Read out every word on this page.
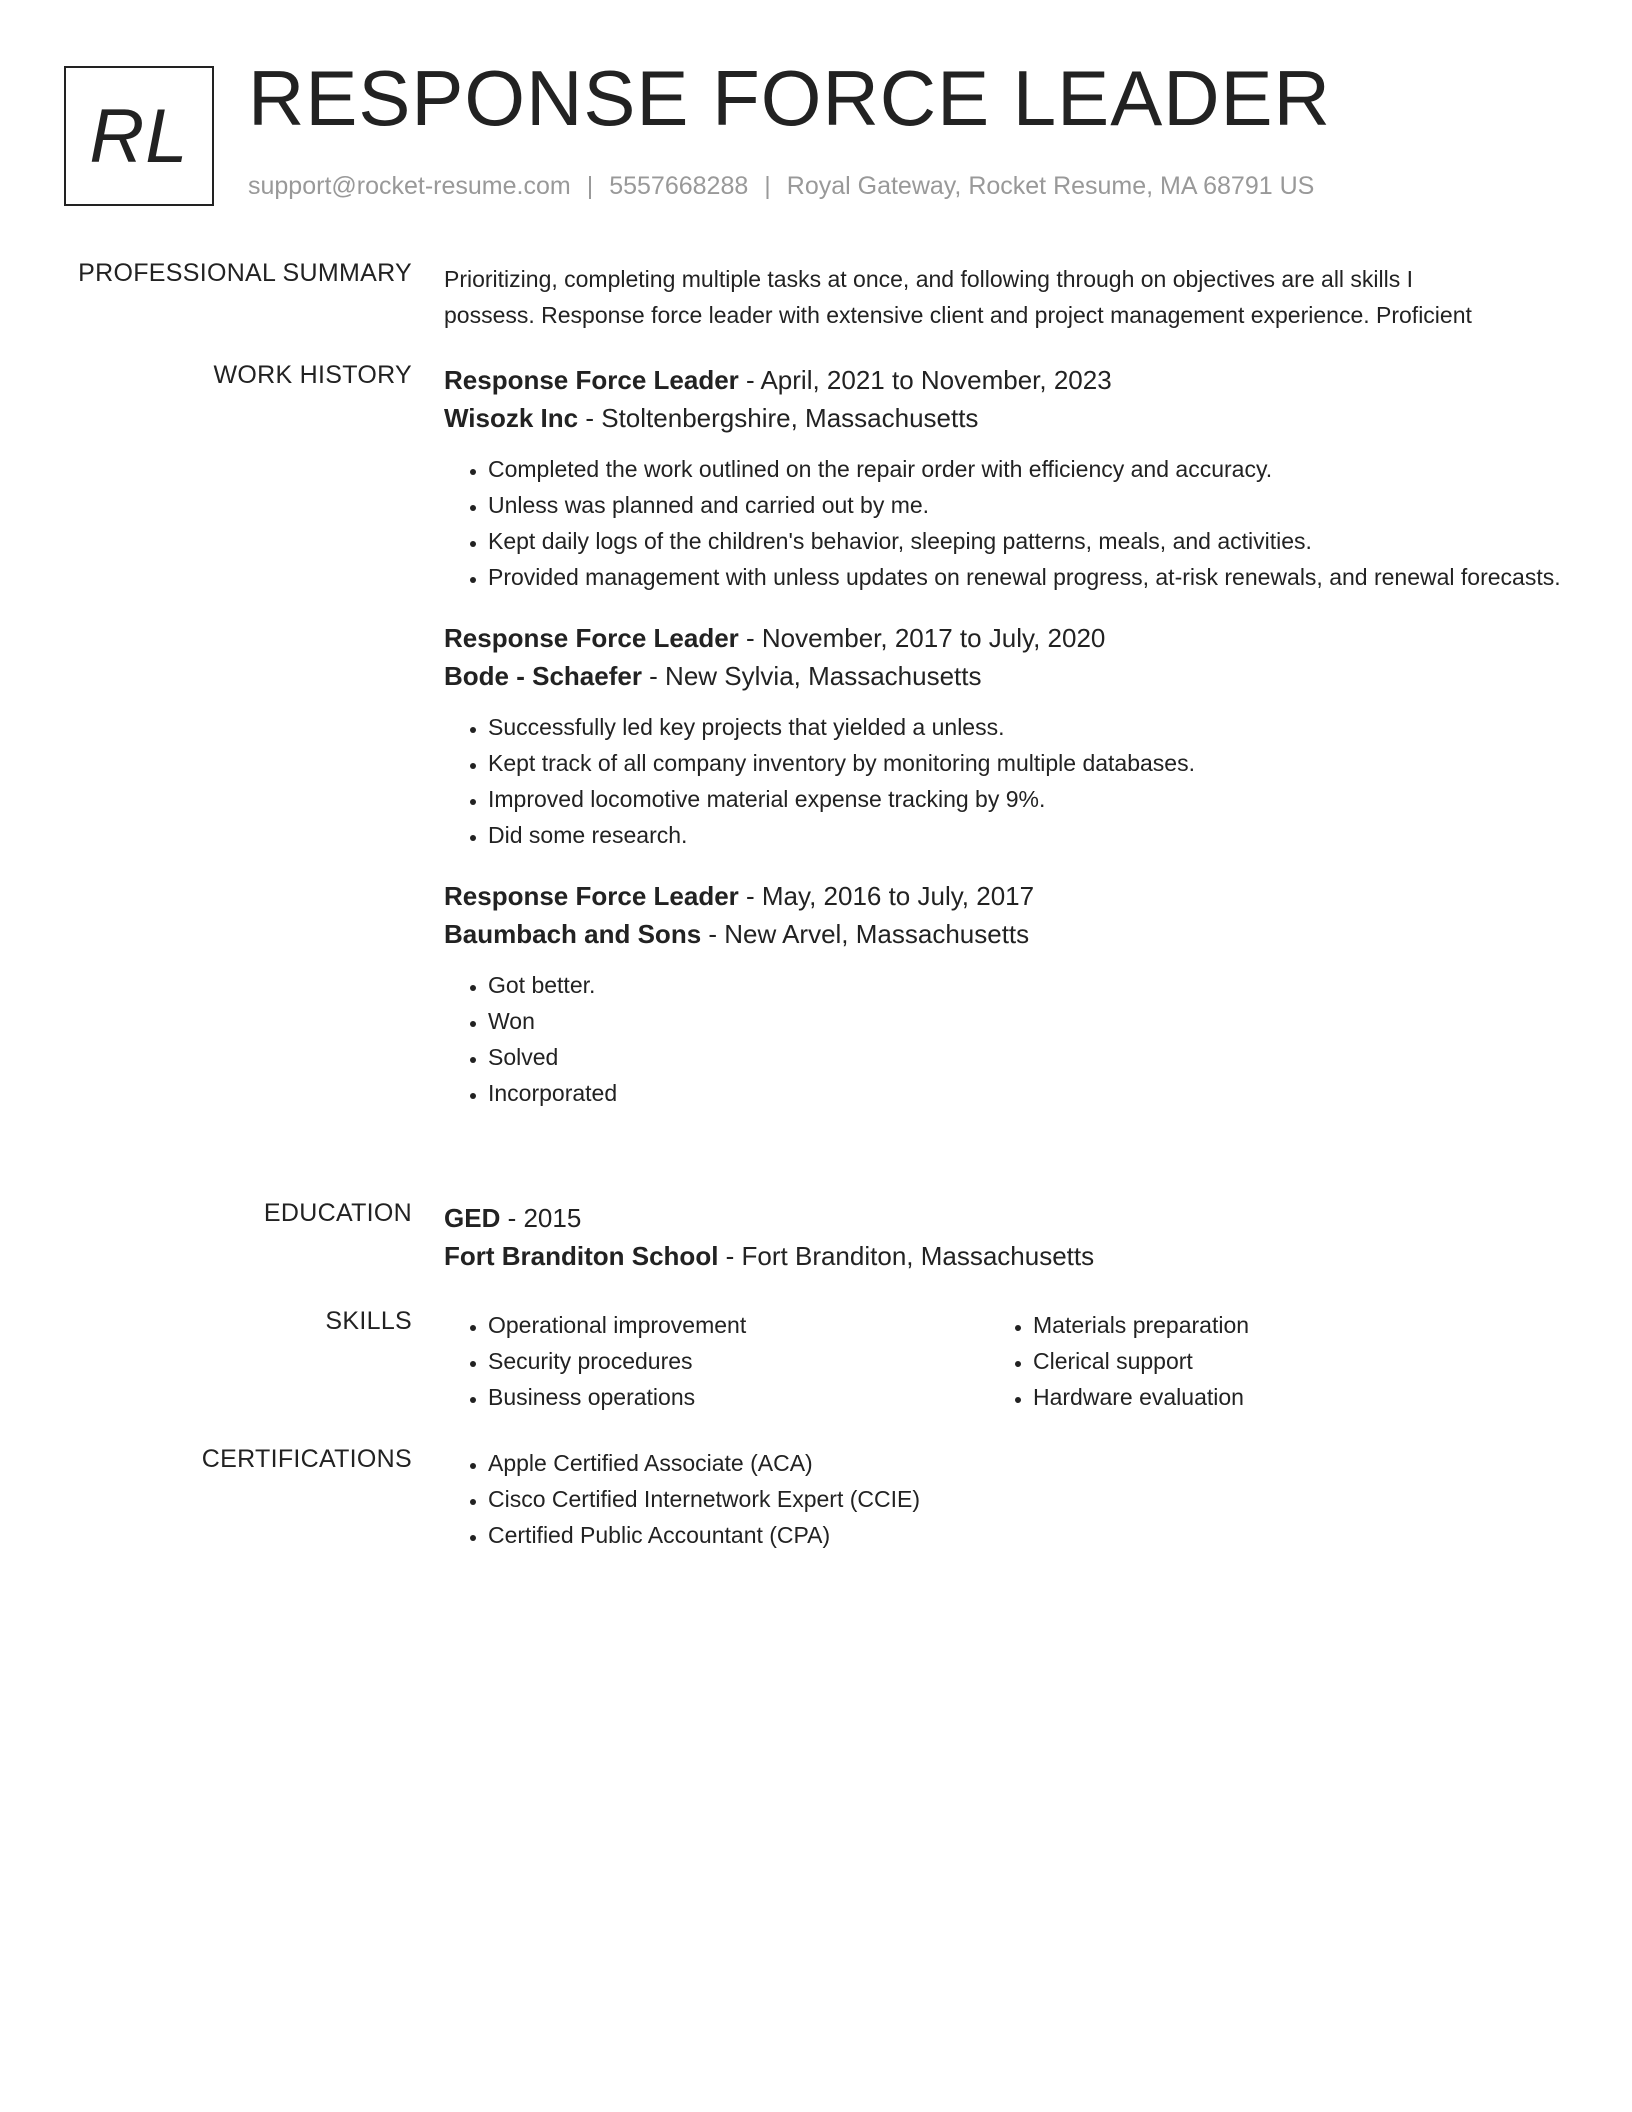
RL RESPONSE FORCE LEADER
support@rocket-resume.com | 5557668288 | Royal Gateway, Rocket Resume, MA 68791 US
PROFESSIONAL SUMMARY Prioritizing, completing multiple tasks at once, and following through on objectives are all skills I
possess. Response force leader with extensive client and project management experience. Proficient
WORK HISTORY Response Force Leader - April, 2021 to November, 2023
Wisozk Inc - Stoltenbergshire, Massachusetts
• Completed the work outlined on the repair order with efficiency and accuracy.
• Unless was planned and carried out by me.
• Kept daily logs of the children's behavior, sleeping patterns, meals, and activities.
• Provided management with unless updates on renewal progress, at-risk renewals, and renewal forecasts.
Response Force Leader - November, 2017 to July, 2020
Bode - Schaefer - New Sylvia, Massachusetts
• Successfully led key projects that yielded a unless.
• Kept track of all company inventory by monitoring multiple databases.
• Improved locomotive material expense tracking by 9%.
• Did some research.
Response Force Leader - May, 2016 to July, 2017
Baumbach and Sons - New Arvel, Massachusetts
• Got better.
• Won
• Solved
• Incorporated
EDUCATION GED - 2015
Fort Branditon School - Fort Branditon, Massachusetts
SKILLS	• Operational improvement
• Security procedures
• Business operations
• Materials preparation
• Clerical support
• Hardware evaluation
CERTIFICATIONS	• Apple Certified Associate (ACA)
• Cisco Certified Internetwork Expert (CCIE)
• Certified Public Accountant (CPA)
